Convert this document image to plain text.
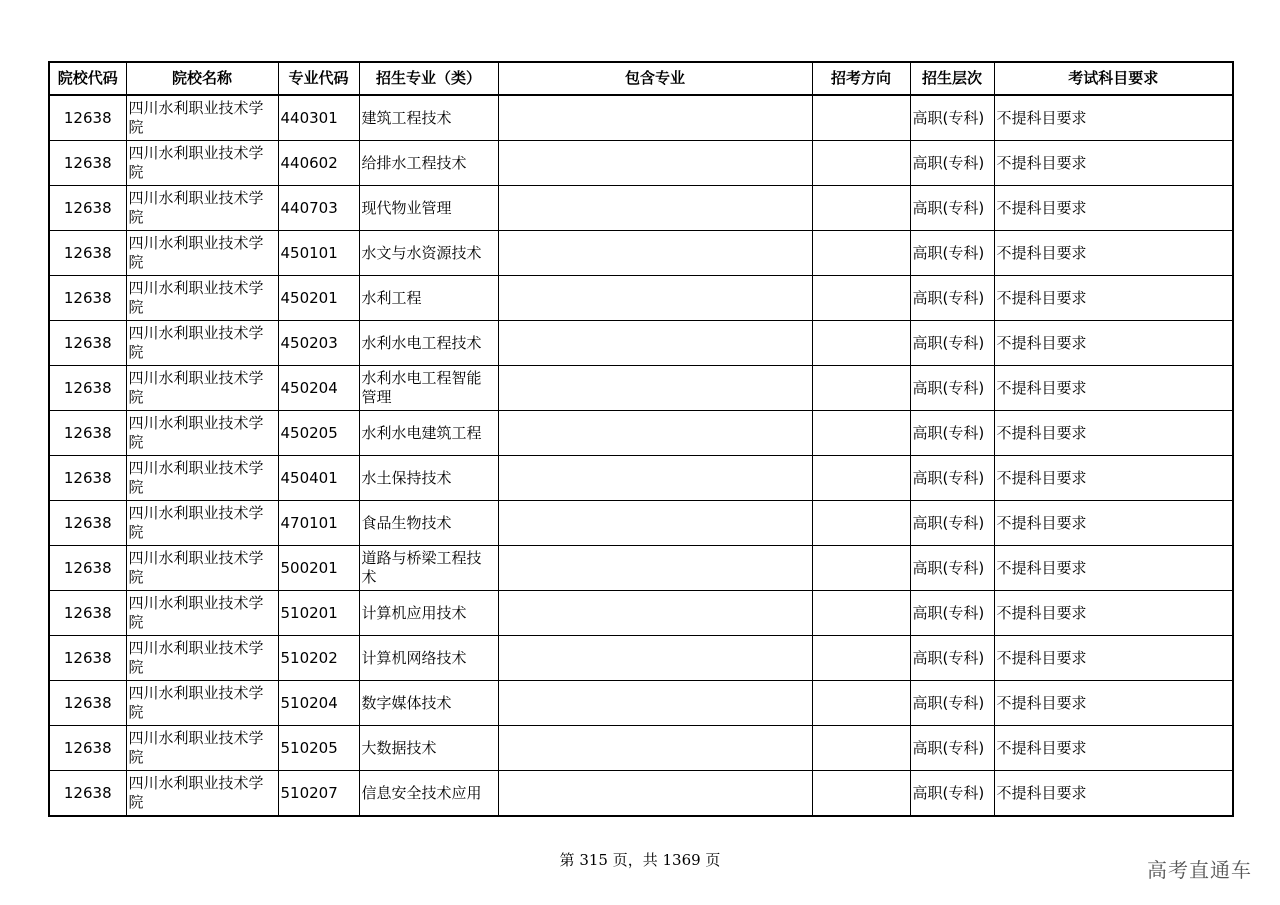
院校代码	院校名称	专业代码	招生专业（类）	包含专业	招考方向	招生层次	考试科目要求
12638	四川水利职业技术学院	440301	建筑工程技术			高职(专科)	不提科目要求
12638	四川水利职业技术学院	440602	给排水工程技术			高职(专科)	不提科目要求
12638	四川水利职业技术学院	440703	现代物业管理			高职(专科)	不提科目要求
12638	四川水利职业技术学院	450101	水文与水资源技术			高职(专科)	不提科目要求
12638	四川水利职业技术学院	450201	水利工程			高职(专科)	不提科目要求
12638	四川水利职业技术学院	450203	水利水电工程技术			高职(专科)	不提科目要求
12638	四川水利职业技术学院	450204	水利水电工程智能管理			高职(专科)	不提科目要求
12638	四川水利职业技术学院	450205	水利水电建筑工程			高职(专科)	不提科目要求
12638	四川水利职业技术学院	450401	水土保持技术			高职(专科)	不提科目要求
12638	四川水利职业技术学院	470101	食品生物技术			高职(专科)	不提科目要求
12638	四川水利职业技术学院	500201	道路与桥梁工程技术			高职(专科)	不提科目要求
12638	四川水利职业技术学院	510201	计算机应用技术			高职(专科)	不提科目要求
12638	四川水利职业技术学院	510202	计算机网络技术			高职(专科)	不提科目要求
12638	四川水利职业技术学院	510204	数字媒体技术			高职(专科)	不提科目要求
12638	四川水利职业技术学院	510205	大数据技术			高职(专科)	不提科目要求
12638	四川水利职业技术学院	510207	信息安全技术应用			高职(专科)	不提科目要求
第 315 页，共 1369 页	高考直通车
